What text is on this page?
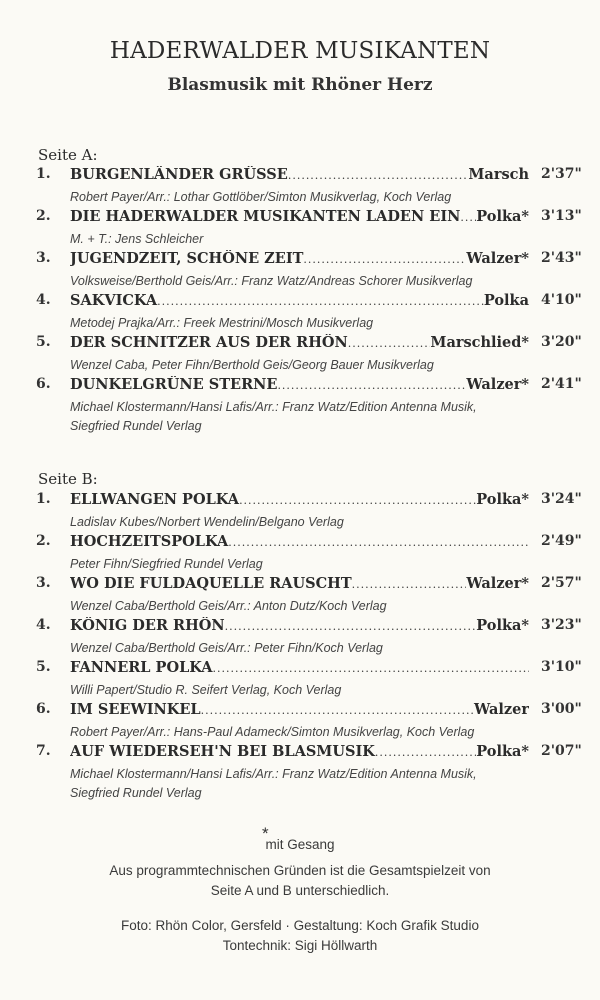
HADERWALDER MUSIKANTEN
Blasmusik mit Rhöner Herz
Seite A:
1. BURGENLÄNDER GRÜSSE .....	Marsch 2'37"
Robert Payer/Arr.: Lothar Gottlöber/Simton Musikverlag, Koch Verlag
2. DIE HADERWALDER MUSIKANTEN LADEN EIN ..... Polka* 3'13"
M. + T.: Jens Schleicher
3. JUGENDZEIT, SCHÖNE ZEIT .....	Walzer* 2'43"
Volksweise/Berthold Geis/Arr.: Franz Watz/Andreas Schorer Musikverlag
4. SAKVICKA .....	Polka 4'10"
Metodej Prajka/Arr.: Freek Mestrini/Mosch Musikverlag
5. DER SCHNITZER AUS DER RHÖN .....	Marschlied* 3'20"
Wenzel Caba, Peter Fihn/Berthold Geis/Georg Bauer Musikverlag
6. DUNKELGRÜNE STERNE .....	Walzer* 2'41"
Michael Klostermann/Hansi Lafis/Arr.: Franz Watz/Edition Antenna Musik,
Siegfried Rundel Verlag
Seite B:
1. ELLWANGEN POLKA .....	Polka* 3'24"
Ladislav Kubes/Norbert Wendelin/Belgano Verlag
2. HOCHZEITSPOLKA .....	2'49"
Peter Fihn/Siegfried Rundel Verlag
3. WO DIE FULDAQUELLE RAUSCHT .....	Walzer* 2'57"
Wenzel Caba/Berthold Geis/Arr.: Anton Dutz/Koch Verlag
4. KÖNIG DER RHÖN .....	Polka* 3'23"
Wenzel Caba/Berthold Geis/Arr.: Peter Fihn/Koch Verlag
5. FANNERL POLKA .....	3'10"
Willi Papert/Studio R. Seifert Verlag, Koch Verlag
6. IM SEEWINKEL .....	Walzer 3'00"
Robert Payer/Arr.: Hans-Paul Adameck/Simton Musikverlag, Koch Verlag
7. AUF WIEDERSEH'N BEI BLASMUSIK .....	Polka* 2'07"
Michael Klostermann/Hansi Lafis/Arr.: Franz Watz/Edition Antenna Musik,
Siegfried Rundel Verlag
*
mit Gesang
Aus programmtechnischen Gründen ist die Gesamtspielzeit von
Seite A und B unterschiedlich.
Foto: Rhön Color, Gersfeld · Gestaltung: Koch Grafik Studio
Tontechnik: Sigi Höllwarth
